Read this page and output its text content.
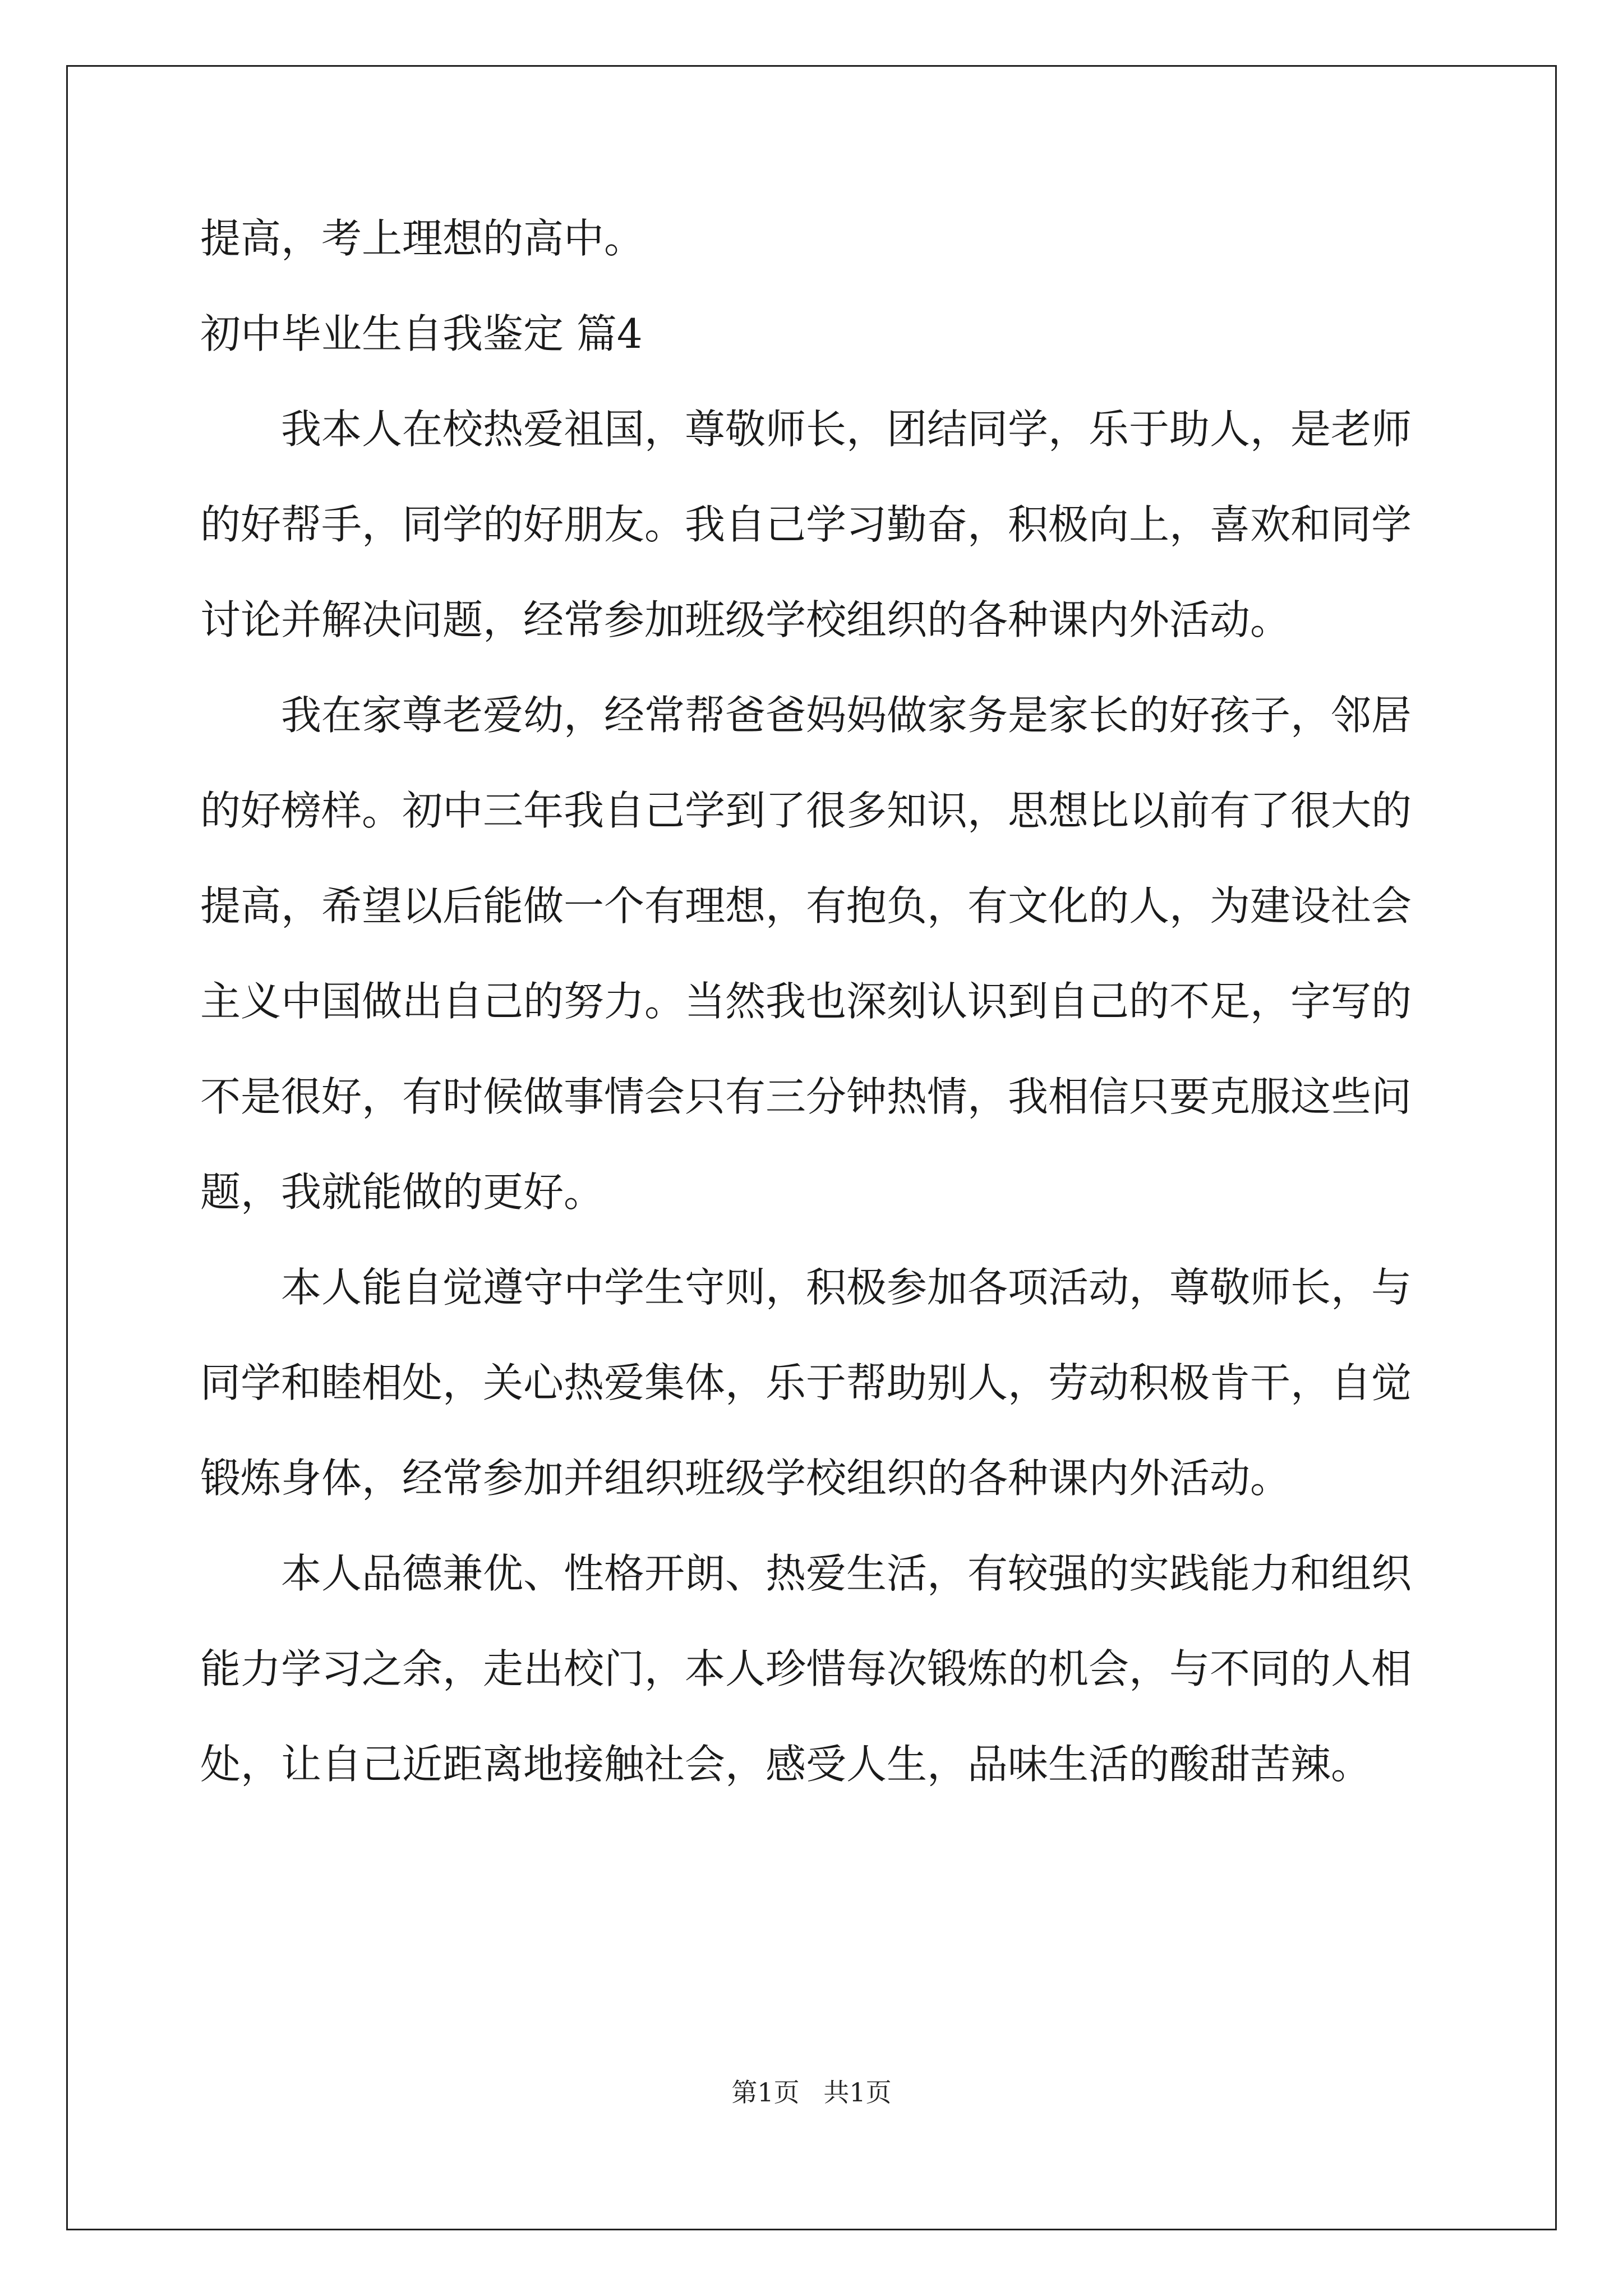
提高，考上理想的高中。

初中毕业生自我鉴定 篇4

我本人在校热爱祖国，尊敬师长，团结同学，乐于助人，是老师

的好帮手，同学的好朋友。我自己学习勤奋，积极向上，喜欢和同学

讨论并解决问题，经常参加班级学校组织的各种课内外活动。

我在家尊老爱幼，经常帮爸爸妈妈做家务是家长的好孩子，邻居

的好榜样。初中三年我自己学到了很多知识，思想比以前有了很大的

提高，希望以后能做一个有理想，有抱负，有文化的人，为建设社会

主义中国做出自己的努力。当然我也深刻认识到自己的不足，字写的

不是很好，有时候做事情会只有三分钟热情，我相信只要克服这些问

题，我就能做的更好。

本人能自觉遵守中学生守则，积极参加各项活动，尊敬师长，与

同学和睦相处，关心热爱集体，乐于帮助别人，劳动积极肯干，自觉

锻炼身体，经常参加并组织班级学校组织的各种课内外活动。

本人品德兼优、性格开朗、热爱生活，有较强的实践能力和组织

能力学习之余，走出校门，本人珍惜每次锻炼的机会，与不同的人相

处，让自己近距离地接触社会，感受人生，品味生活的酸甜苦辣。

第1页 共1页
